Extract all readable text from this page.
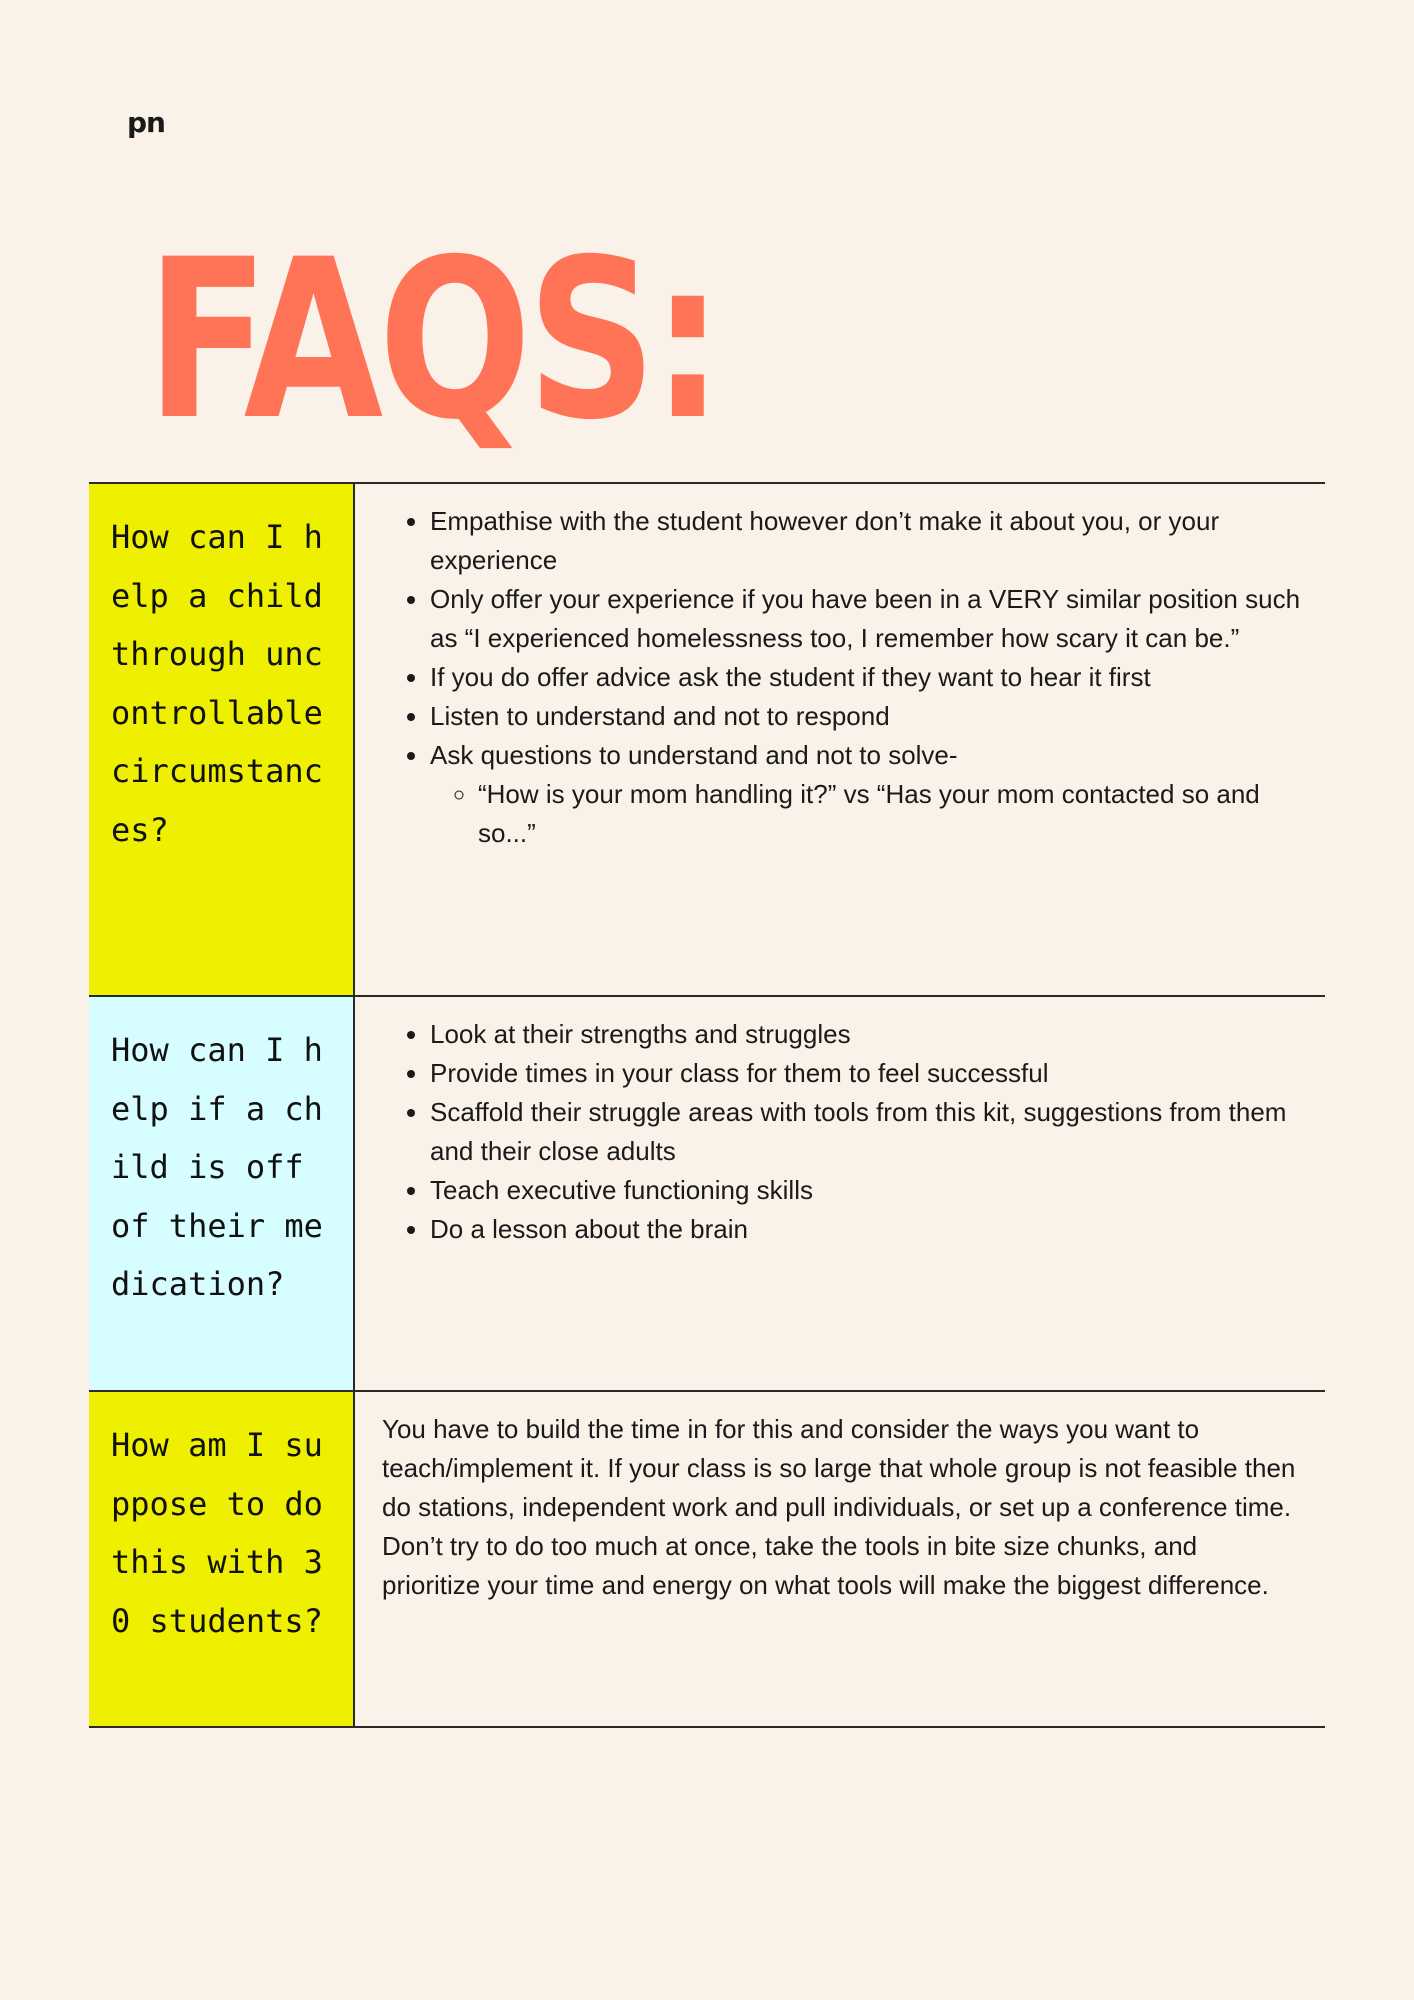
pn
FAQS:
How can I help a child through uncontrollable circumstances?
• Empathise with the student however don’t make it about you, or your experience
• Only offer your experience if you have been in a VERY similar position such as “I experienced homelessness too, I remember how scary it can be.”
• If you do offer advice ask the student if they want to hear it first
• Listen to understand and not to respond
• Ask questions to understand and not to solve-
◦ “How is your mom handling it?” vs “Has your mom contacted so and so...”
How can I help if a child is off of their medication?
• Look at their strengths and struggles
• Provide times in your class for them to feel successful
• Scaffold their struggle areas with tools from this kit, suggestions from them and their close adults
• Teach executive functioning skills
• Do a lesson about the brain
How am I suppose to do this with 30 students?

You have to build the time in for this and consider the ways you want to teach/implement it. If your class is so large that whole group is not feasible then do stations, independent work and pull individuals, or set up a conference time.

Don’t try to do too much at once, take the tools in bite size chunks, and prioritize your time and energy on what tools will make the biggest difference.
